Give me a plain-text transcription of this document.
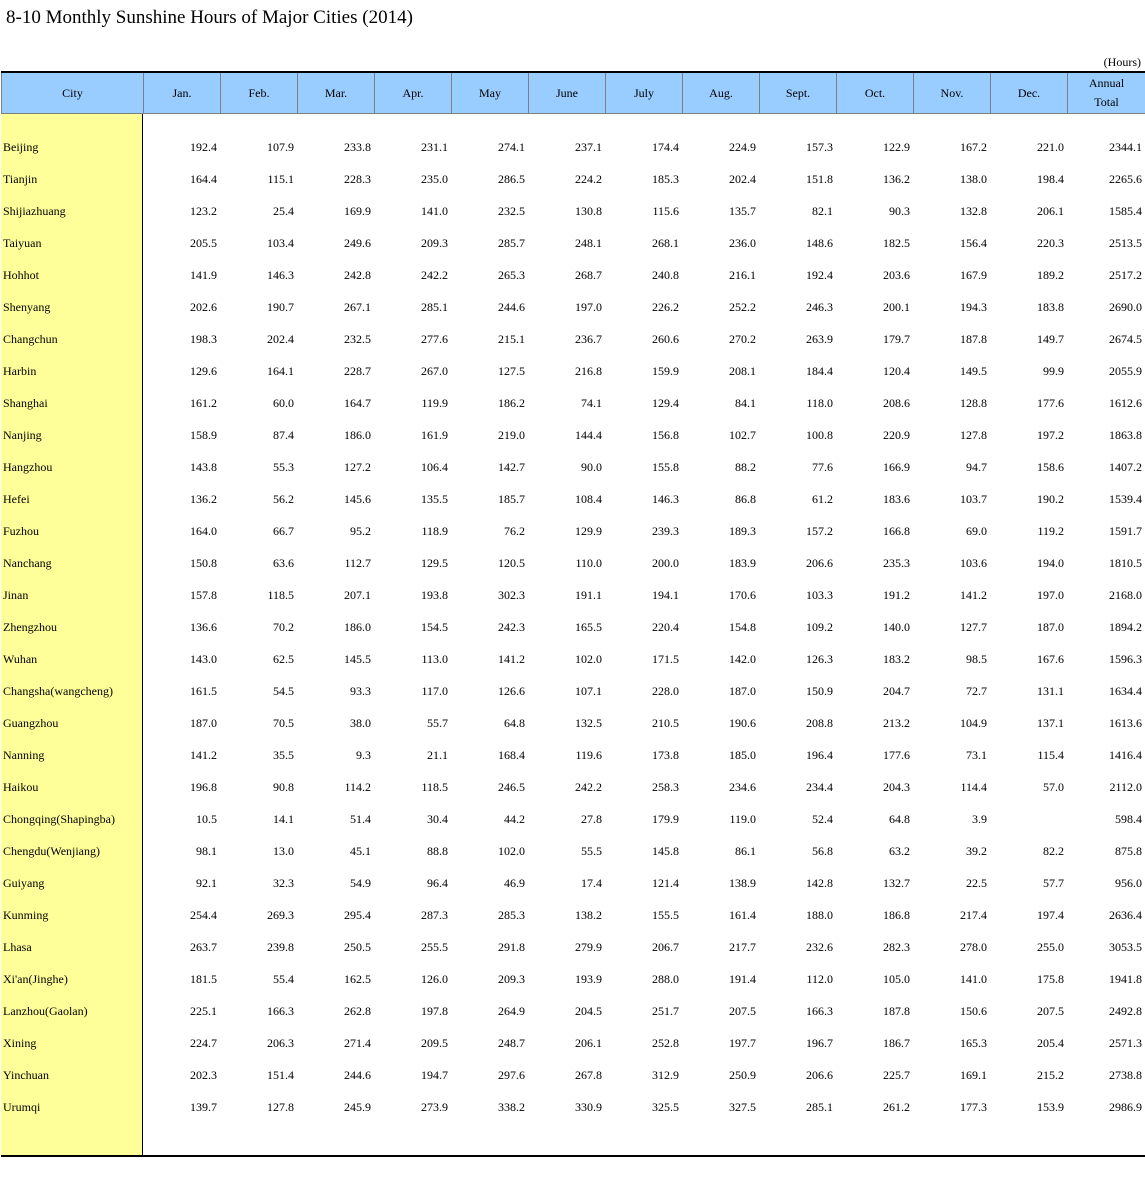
8-10 Monthly Sunshine Hours of Major Cities (2014)
(Hours)
City	Jan.	Feb.	Mar.	Apr.	May	June	July	Aug.	Sept.	Oct.	Nov.	Dec.	Annual
Total
Beijing	192.4	107.9	233.8	231.1	274.1	237.1	174.4	224.9	157.3	122.9	167.2	221.0	2344.1
Tianjin	164.4	115.1	228.3	235.0	286.5	224.2	185.3	202.4	151.8	136.2	138.0	198.4	2265.6
Shijiazhuang	123.2	25.4	169.9	141.0	232.5	130.8	115.6	135.7	82.1	90.3	132.8	206.1	1585.4
Taiyuan	205.5	103.4	249.6	209.3	285.7	248.1	268.1	236.0	148.6	182.5	156.4	220.3	2513.5
Hohhot	141.9	146.3	242.8	242.2	265.3	268.7	240.8	216.1	192.4	203.6	167.9	189.2	2517.2
Shenyang	202.6	190.7	267.1	285.1	244.6	197.0	226.2	252.2	246.3	200.1	194.3	183.8	2690.0
Changchun	198.3	202.4	232.5	277.6	215.1	236.7	260.6	270.2	263.9	179.7	187.8	149.7	2674.5
Harbin	129.6	164.1	228.7	267.0	127.5	216.8	159.9	208.1	184.4	120.4	149.5	99.9	2055.9
Shanghai	161.2	60.0	164.7	119.9	186.2	74.1	129.4	84.1	118.0	208.6	128.8	177.6	1612.6
Nanjing	158.9	87.4	186.0	161.9	219.0	144.4	156.8	102.7	100.8	220.9	127.8	197.2	1863.8
Hangzhou	143.8	55.3	127.2	106.4	142.7	90.0	155.8	88.2	77.6	166.9	94.7	158.6	1407.2
Hefei	136.2	56.2	145.6	135.5	185.7	108.4	146.3	86.8	61.2	183.6	103.7	190.2	1539.4
Fuzhou	164.0	66.7	95.2	118.9	76.2	129.9	239.3	189.3	157.2	166.8	69.0	119.2	1591.7
Nanchang	150.8	63.6	112.7	129.5	120.5	110.0	200.0	183.9	206.6	235.3	103.6	194.0	1810.5
Jinan	157.8	118.5	207.1	193.8	302.3	191.1	194.1	170.6	103.3	191.2	141.2	197.0	2168.0
Zhengzhou	136.6	70.2	186.0	154.5	242.3	165.5	220.4	154.8	109.2	140.0	127.7	187.0	1894.2
Wuhan	143.0	62.5	145.5	113.0	141.2	102.0	171.5	142.0	126.3	183.2	98.5	167.6	1596.3
Changsha(wangcheng)	161.5	54.5	93.3	117.0	126.6	107.1	228.0	187.0	150.9	204.7	72.7	131.1	1634.4
Guangzhou	187.0	70.5	38.0	55.7	64.8	132.5	210.5	190.6	208.8	213.2	104.9	137.1	1613.6
Nanning	141.2	35.5	9.3	21.1	168.4	119.6	173.8	185.0	196.4	177.6	73.1	115.4	1416.4
Haikou	196.8	90.8	114.2	118.5	246.5	242.2	258.3	234.6	234.4	204.3	114.4	57.0	2112.0
Chongqing(Shapingba)	10.5	14.1	51.4	30.4	44.2	27.8	179.9	119.0	52.4	64.8	3.9		598.4
Chengdu(Wenjiang)	98.1	13.0	45.1	88.8	102.0	55.5	145.8	86.1	56.8	63.2	39.2	82.2	875.8
Guiyang	92.1	32.3	54.9	96.4	46.9	17.4	121.4	138.9	142.8	132.7	22.5	57.7	956.0
Kunming	254.4	269.3	295.4	287.3	285.3	138.2	155.5	161.4	188.0	186.8	217.4	197.4	2636.4
Lhasa	263.7	239.8	250.5	255.5	291.8	279.9	206.7	217.7	232.6	282.3	278.0	255.0	3053.5
Xi'an(Jinghe)	181.5	55.4	162.5	126.0	209.3	193.9	288.0	191.4	112.0	105.0	141.0	175.8	1941.8
Lanzhou(Gaolan)	225.1	166.3	262.8	197.8	264.9	204.5	251.7	207.5	166.3	187.8	150.6	207.5	2492.8
Xining	224.7	206.3	271.4	209.5	248.7	206.1	252.8	197.7	196.7	186.7	165.3	205.4	2571.3
Yinchuan	202.3	151.4	244.6	194.7	297.6	267.8	312.9	250.9	206.6	225.7	169.1	215.2	2738.8
Urumqi	139.7	127.8	245.9	273.9	338.2	330.9	325.5	327.5	285.1	261.2	177.3	153.9	2986.9
